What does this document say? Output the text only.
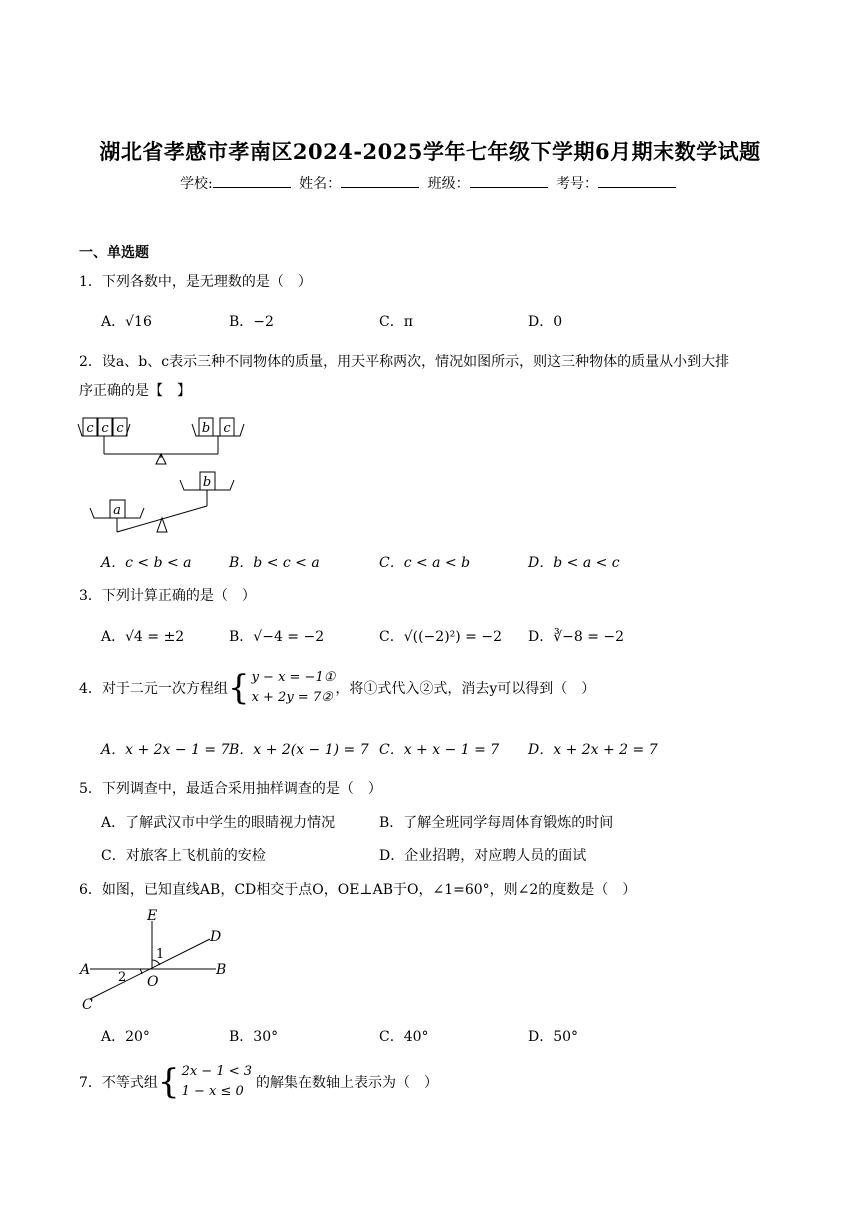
湖北省孝感市孝南区2024-2025学年七年级下学期6月期末数学试题
学校:	姓名：	班级：	考号：
一、单选题
1．下列各数中，是无理数的是（　）
A．√16	B．−2	C．π	D．0
2．设a、b、c表示三种不同物体的质量，用天平称两次，情况如图所示，则这三种物体的质量从小到大排
序正确的是【　】
c c c	b c
a
b
A．c < b < a	B．b < c < a	C．c < a < b	D．b < a < c
3．下列计算正确的是（　）
A．√4 = ±2	B．√−4 = −2	C．√((−2)²) = −2 D．∛−8 = −2
4．对于二元一次方程组{ y − x = −1①
x + 2y = 7②，将①式代入②式，消去y可以得到（　）
A．x + 2x − 1 = 7 B．x + 2(x − 1) = 7 C．x + x − 1 = 7 D．x + 2x + 2 = 7
5．下列调查中，最适合采用抽样调查的是（　）
A．了解武汉市中学生的眼睛视力情况	B．了解全班同学每周体育锻炼的时间
C．对旅客上飞机前的安检	D．企业招聘，对应聘人员的面试
6．如图，已知直线AB，CD相交于点O，OE⊥AB于O，∠1=60°，则∠2的度数是（　）
E
D
1
A 2 O
B
C
A．20°	B．30°	C．40°	D．50°
7．不等式组{ 2x − 1 < 3
1 − x ≤ 0的解集在数轴上表示为（　）
